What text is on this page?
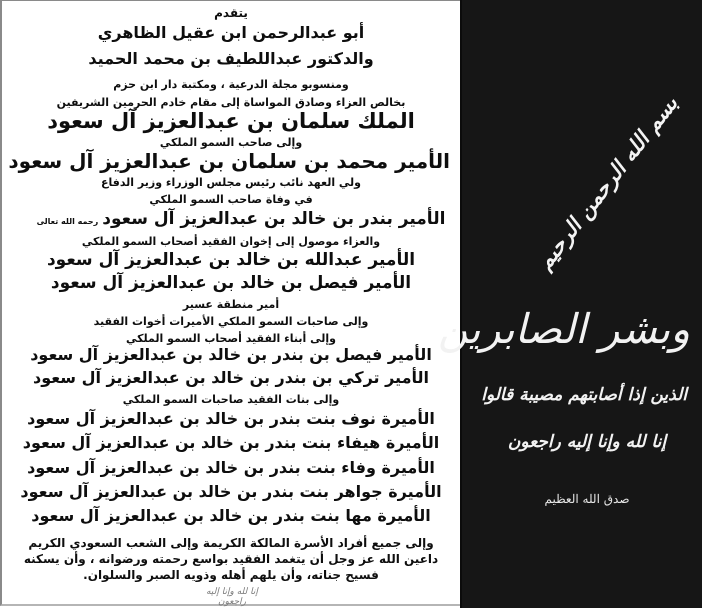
يتقدم
أبو عبدالرحمن ابن عقيل الظاهري
والدكتور عبداللطيف بن محمد الحميد
ومنسوبو مجلة الدرعية ، ومكتبة دار ابن حزم
بخالص العزاء وصادق المواساة إلى مقام خادم الحرمين الشريفين
الملك سلمان بن عبدالعزيز آل سعود
وإلى صاحب السمو الملكي
الأمير محمد بن سلمان بن عبدالعزيز آل سعود
ولي العهد نائب رئيس مجلس الوزراء وزير الدفاع
في وفاة صاحب السمو الملكي
الأمير بندر بن خالد بن عبدالعزيز آل سعودرحمه الله تعالى
والعزاء موصول إلى إخوان الفقيد أصحاب السمو الملكي
الأمير عبدالله بن خالد بن عبدالعزيز آل سعود
الأمير فيصل بن خالد بن عبدالعزيز آل سعود
أمير منطقة عسير
وإلى صاحبات السمو الملكي الأميرات أخوات الفقيد
وإلى أبناء الفقيد أصحاب السمو الملكي
الأمير فيصل بن بندر بن خالد بن عبدالعزيز آل سعود
الأمير تركي بن بندر بن خالد بن عبدالعزيز آل سعود
وإلى بنات الفقيد صاحبات السمو الملكي
الأميرة نوف بنت بندر بن خالد بن عبدالعزيز آل سعود
الأميرة هيفاء بنت بندر بن خالد بن عبدالعزيز آل سعود
الأميرة وفاء بنت بندر بن خالد بن عبدالعزيز آل سعود
الأميرة جواهر بنت بندر بن خالد بن عبدالعزيز آل سعود
الأميرة مها بنت بندر بن خالد بن عبدالعزيز آل سعود
وإلى جميع أفراد الأسرة المالكة الكريمة وإلى الشعب السعودي الكريم
داعين الله عز وجل أن يتغمد الفقيد بواسع رحمته ورضوانه ، وأن يسكنه
فسيح جناته، وأن يلهم أهله وذويه الصبر والسلوان.
إنا لله وإنا إليه راجعون
بسم الله الرحمن الرحيم
وبشر الصابرين
الذين إذا أصابتهم مصيبة قالوا
إنا لله وإنا إليه راجعون
صدق الله العظيم
